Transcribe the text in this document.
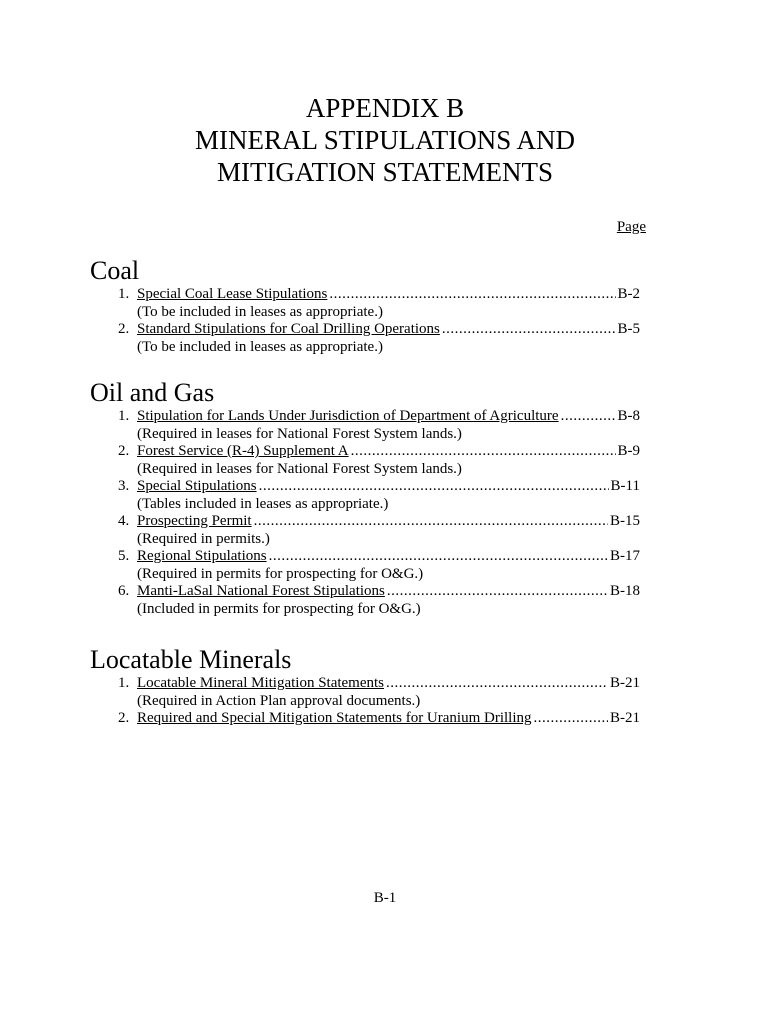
APPENDIX B
MINERAL STIPULATIONS AND
MITIGATION STATEMENTS
Page
Coal
1. Special Coal Lease Stipulations .....	B-2
(To be included in leases as appropriate.)
2. Standard Stipulations for Coal Drilling Operations .....	B-5
(To be included in leases as appropriate.)
Oil and Gas
1. Stipulation for Lands Under Jurisdiction of Department of Agriculture .....	B-8
(Required in leases for National Forest System lands.)
2. Forest Service (R-4) Supplement A .....	B-9
(Required in leases for National Forest System lands.)
3. Special Stipulations .....	B-11
(Tables included in leases as appropriate.)
4. Prospecting Permit .....	B-15
(Required in permits.)
5. Regional Stipulations .....	B-17
(Required in permits for prospecting for O&G.)
6. Manti-LaSal National Forest Stipulations .....	B-18
(Included in permits for prospecting for O&G.)
Locatable Minerals
1. Locatable Mineral Mitigation Statements .....	B-21
(Required in Action Plan approval documents.)
2. Required and Special Mitigation Statements for Uranium Drilling .....	B-21
B-1
